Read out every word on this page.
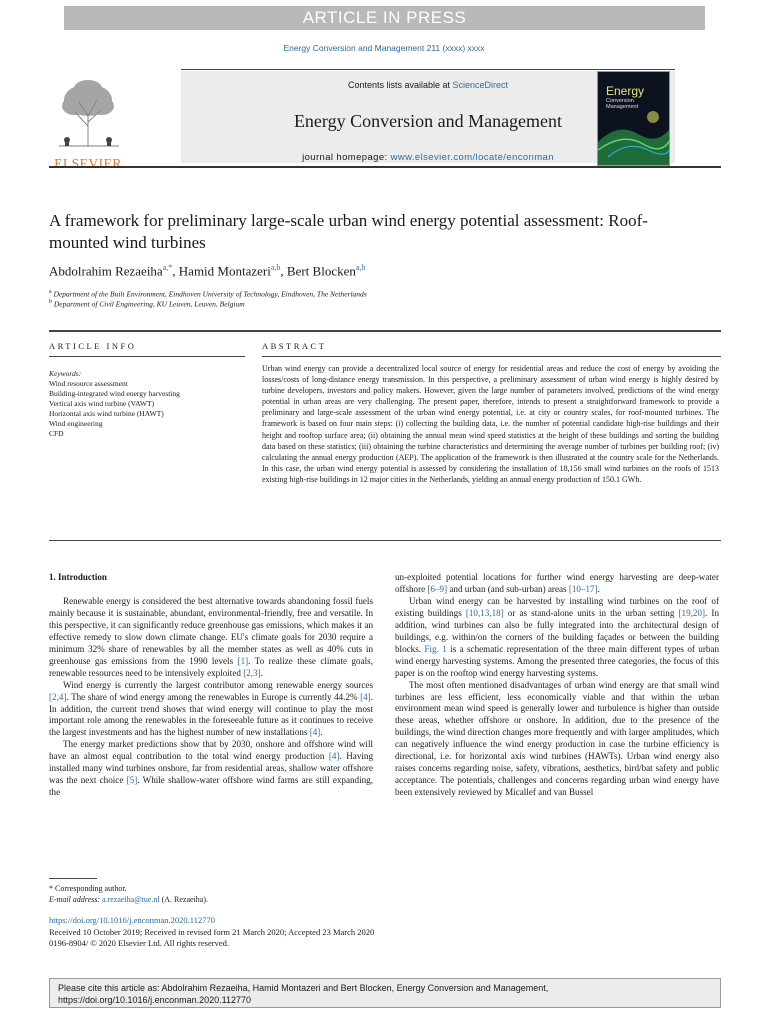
ARTICLE IN PRESS
Energy Conversion and Management 211 (xxxx) xxxx
ELSEVIER
Contents lists available at ScienceDirect
Energy Conversion and Management
journal homepage: www.elsevier.com/locate/enconman
Energy
Conversion
Management
A framework for preliminary large-scale urban wind energy potential assessment: Roof-mounted wind turbines
Abdolrahim Rezaeiha$^{a,*}$, Hamid Montazeri$^{a,b}$, Bert Blocken$^{a,b}$
$^a$ Department of the Built Environment, Eindhoven University of Technology, Eindhoven, The Netherlands
$^b$ Department of Civil Engineering, KU Leuven, Leuven, Belgium
ARTICLE INFO	ABSTRACT
Keywords:
Wind resource assessment
Building-integrated wind energy harvesting
Vertical axis wind turbine (VAWT)
Horizontal axis wind turbine (HAWT)
Wind engineering
CFD
Urban wind energy can provide a decentralized local source of energy for residential areas and reduce the cost of energy by avoiding the losses/costs of long-distance energy transmission. In this perspective, a preliminary assessment of urban wind energy is highly desired by turbine developers, investors and policy makers. However, given the large number of parameters involved, predictions of the wind energy potential in urban areas are very challenging. The present paper, therefore, intends to present a straightforward framework to provide a preliminary and large-scale assessment of the urban wind energy potential, i.e. at city or country scales, for roof-mounted turbines. The framework is based on four main steps: (i) collecting the building data, i.e. the number of potential candidate high-rise buildings and their height and rooftop surface area; (ii) obtaining the annual mean wind speed statistics at the height of these buildings and sorting the building data based on these statistics; (iii) obtaining the turbine characteristics and determining the average number of turbines per building roof; (iv) calculating the annual energy production (AEP). The application of the framework is then illustrated at the country scale for the Netherlands. In this case, the urban wind energy potential is assessed by considering the installation of 18,156 small wind turbines on the roofs of 1513 existing high-rise buildings in 12 major cities in the Netherlands, yielding an annual energy production of 150.1 GWh.

1. Introduction

Renewable energy is considered the best alternative towards abandoning fossil fuels mainly because it is sustainable, abundant, environmental-friendly, free and versatile. In this perspective, it can significantly reduce greenhouse gas emissions, which makes it an effective remedy to slow down climate change. EU's climate goals for 2030 require a minimum 32% share of renewables by all the member states as well as 40% cuts in greenhouse gas emissions from the 1990 levels [1]. To realize these climate goals, renewable resources need to be intensively exploited [2,3].

Wind energy is currently the largest contributor among renewable energy sources [2,4]. The share of wind energy among the renewables in Europe is currently 44.2% [4]. In addition, the current trend shows that wind energy will continue to play the most important role among the renewables in the foreseeable future as it continues to receive the largest investments and has the highest number of new installations [4].

The energy market predictions show that by 2030, onshore and offshore wind will have an almost equal contribution to the total wind energy production [4]. Having installed many wind turbines onshore, far from residential areas, shallow water offshore was the next choice [5]. While shallow-water offshore wind farms are still expanding, the

un-exploited potential locations for further wind energy harvesting are deep-water offshore [6–9] and urban (and sub-urban) areas [10–17].

Urban wind energy can be harvested by installing wind turbines on the roof of existing buildings [10,13,18] or as stand-alone units in the urban setting [19,20]. In addition, wind turbines can also be fully integrated into the architectural design of buildings, e.g. within/on the corners of the building façades or between the building blocks. Fig. 1 is a schematic representation of the three main different types of urban wind energy harvesting systems. Among the presented three categories, the focus of this paper is on the rooftop wind energy harvesting systems.

The most often mentioned disadvantages of urban wind energy are that small wind turbines are less efficient, less economically viable and that within the urban environment mean wind speed is generally lower and turbulence is higher than outside these areas, whether offshore or onshore. In addition, due to the presence of the buildings, the wind direction changes more frequently and with larger amplitudes, which can negatively influence the wind energy production in case the turbine efficiency is directional, i.e. for horizontal axis wind turbines (HAWTs). Urban wind energy also raises concerns regarding noise, safety, vibrations, aesthetics, bird/bat safety and public acceptance. The potentials, challenges and concerns regarding urban wind energy have been extensively reviewed by Micallef and van Bussel

* Corresponding author.
E-mail address: a.rezaeiha@tue.nl (A. Rezaeiha).
https://doi.org/10.1016/j.enconman.2020.112770
Received 10 October 2019; Received in revised form 21 March 2020; Accepted 23 March 2020
0196-8904/ © 2020 Elsevier Ltd. All rights reserved.
Please cite this article as: Abdolrahim Rezaeiha, Hamid Montazeri and Bert Blocken, Energy Conversion and Management,
https://doi.org/10.1016/j.enconman.2020.112770
